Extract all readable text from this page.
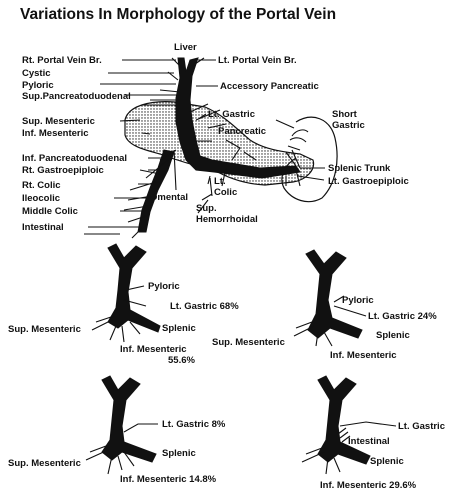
Variations In Morphology of the Portal Vein
Liver
Rt. Portal Vein Br.	Lt. Portal Vein Br.
Cystic
Pyloric	Accessory Pancreatic
Sup.Pancreatoduodenal
Lt. Gastric	Short
Gastric
Sup. Mesenteric
Pancreatic
Inf. Mesenteric
Inf. Pancreatoduodenal
Splenic Trunk
Rt. Gastroepiploic
Lt.
Colic
Lt. Gastroepiploic
Rt. Colic
Omental
Ileocolic
Sup.
Hemorrhoidal
Middle Colic
Intestinal
Pyloric
Lt. Gastric 68%
Sup. Mesenteric	Splenic
Inf. Mesenteric
55.6%
Pyloric
Lt. Gastric 24%
Splenic
Sup. Mesenteric
Inf. Mesenteric
Lt. Gastric 8%
Sup. Mesenteric
Splenic
Inf. Mesenteric 14.8%
Lt. Gastric
Intestinal
Splenic
Inf. Mesenteric 29.6%
